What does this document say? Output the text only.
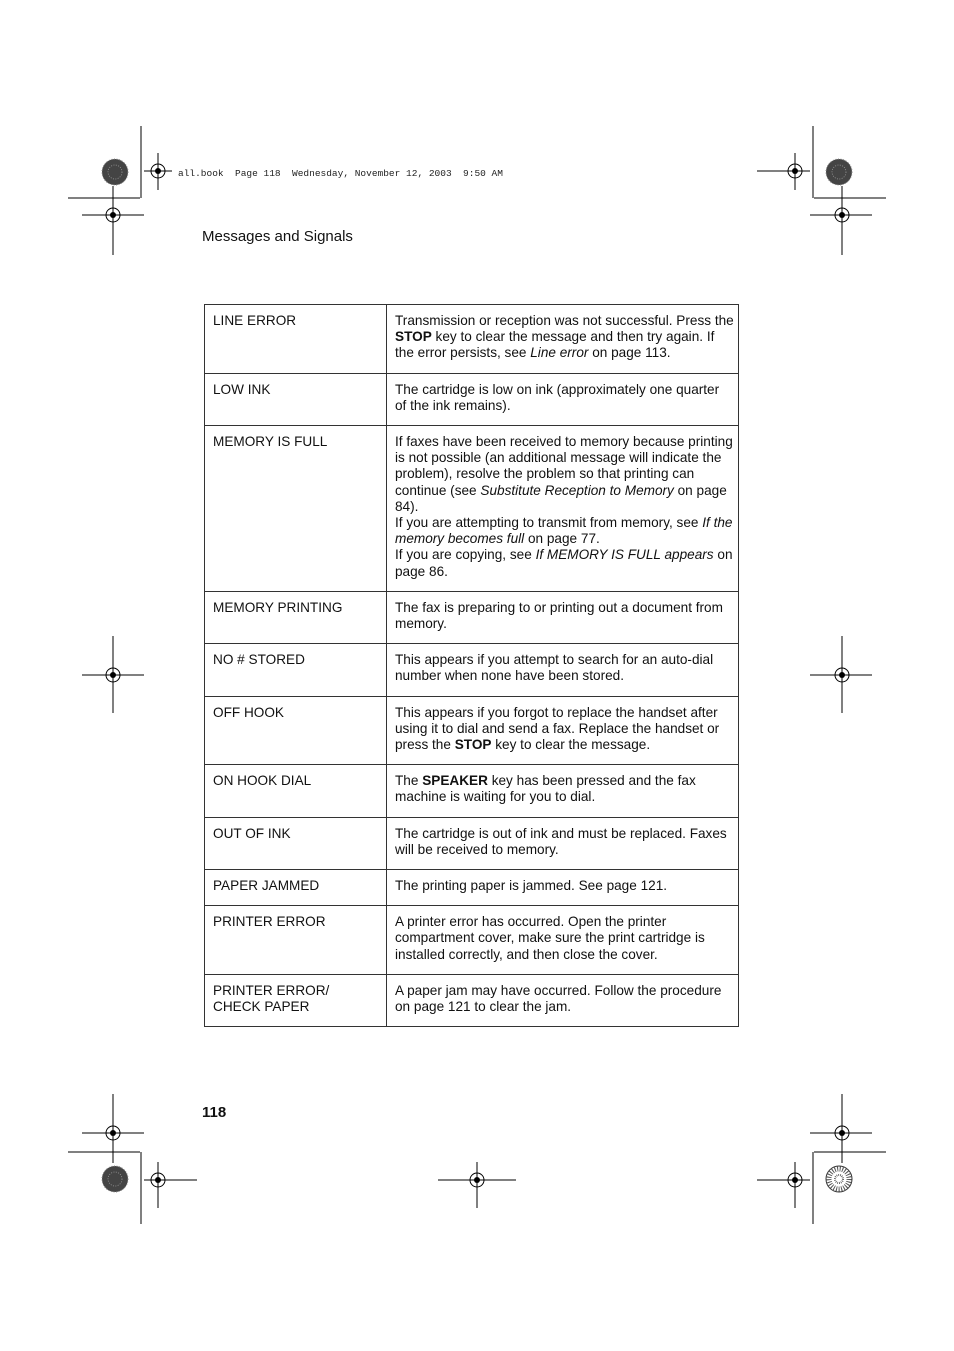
all.book  Page 118  Wednesday, November 12, 2003  9:50 AM
Messages and Signals
LINE ERROR	Transmission or reception was not successful. Press the STOP key to clear the message and then try again. If the error persists, see Line error on page 113.
LOW INK	The cartridge is low on ink (approximately one quarter of the ink remains).
MEMORY IS FULL	If faxes have been received to memory because printing is not possible (an additional message will indicate the problem), resolve the problem so that printing can continue (see Substitute Reception to Memory on page 84).
If you are attempting to transmit from memory, see If the memory becomes full on page 77.
If you are copying, see If MEMORY IS FULL appears on page 86.
MEMORY PRINTING	The fax is preparing to or printing out a document from memory.
NO # STORED	This appears if you attempt to search for an auto-dial number when none have been stored.
OFF HOOK	This appears if you forgot to replace the handset after using it to dial and send a fax. Replace the handset or press the STOP key to clear the message.
ON HOOK DIAL	The SPEAKER key has been pressed and the fax machine is waiting for you to dial.
OUT OF INK	The cartridge is out of ink and must be replaced. Faxes will be received to memory.
PAPER JAMMED	The printing paper is jammed. See page 121.
PRINTER ERROR	A printer error has occurred. Open the printer compartment cover, make sure the print cartridge is installed correctly, and then close the cover.
PRINTER ERROR/
CHECK PAPER	A paper jam may have occurred. Follow the procedure on page 121 to clear the jam.
118
